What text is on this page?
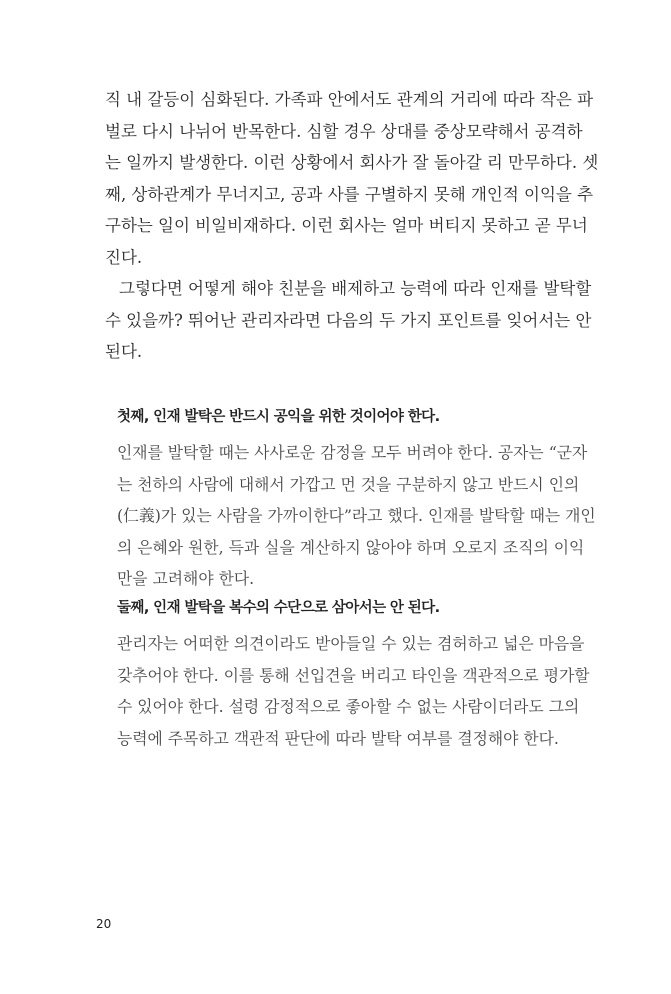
직 내 갈등이 심화된다. 가족파 안에서도 관계의 거리에 따라 작은 파
벌로 다시 나뉘어 반목한다. 심할 경우 상대를 중상모략해서 공격하
는 일까지 발생한다. 이런 상황에서 회사가 잘 돌아갈 리 만무하다. 셋
째, 상하관계가 무너지고, 공과 사를 구별하지 못해 개인적 이익을 추
구하는 일이 비일비재하다. 이런 회사는 얼마 버티지 못하고 곧 무너
진다.

그렇다면 어떻게 해야 친분을 배제하고 능력에 따라 인재를 발탁할
수 있을까? 뛰어난 관리자라면 다음의 두 가지 포인트를 잊어서는 안
된다.

첫째, 인재 발탁은 반드시 공익을 위한 것이어야 한다.

인재를 발탁할 때는 사사로운 감정을 모두 버려야 한다. 공자는 “군자
는 천하의 사람에 대해서 가깝고 먼 것을 구분하지 않고 반드시 인의
(仁義)가 있는 사람을 가까이한다”라고 했다. 인재를 발탁할 때는 개인
의 은혜와 원한, 득과 실을 계산하지 않아야 하며 오로지 조직의 이익
만을 고려해야 한다.

둘째, 인재 발탁을 복수의 수단으로 삼아서는 안 된다.

관리자는 어떠한 의견이라도 받아들일 수 있는 겸허하고 넓은 마음을
갖추어야 한다. 이를 통해 선입견을 버리고 타인을 객관적으로 평가할
수 있어야 한다. 설령 감정적으로 좋아할 수 없는 사람이더라도 그의
능력에 주목하고 객관적 판단에 따라 발탁 여부를 결정해야 한다.
20
